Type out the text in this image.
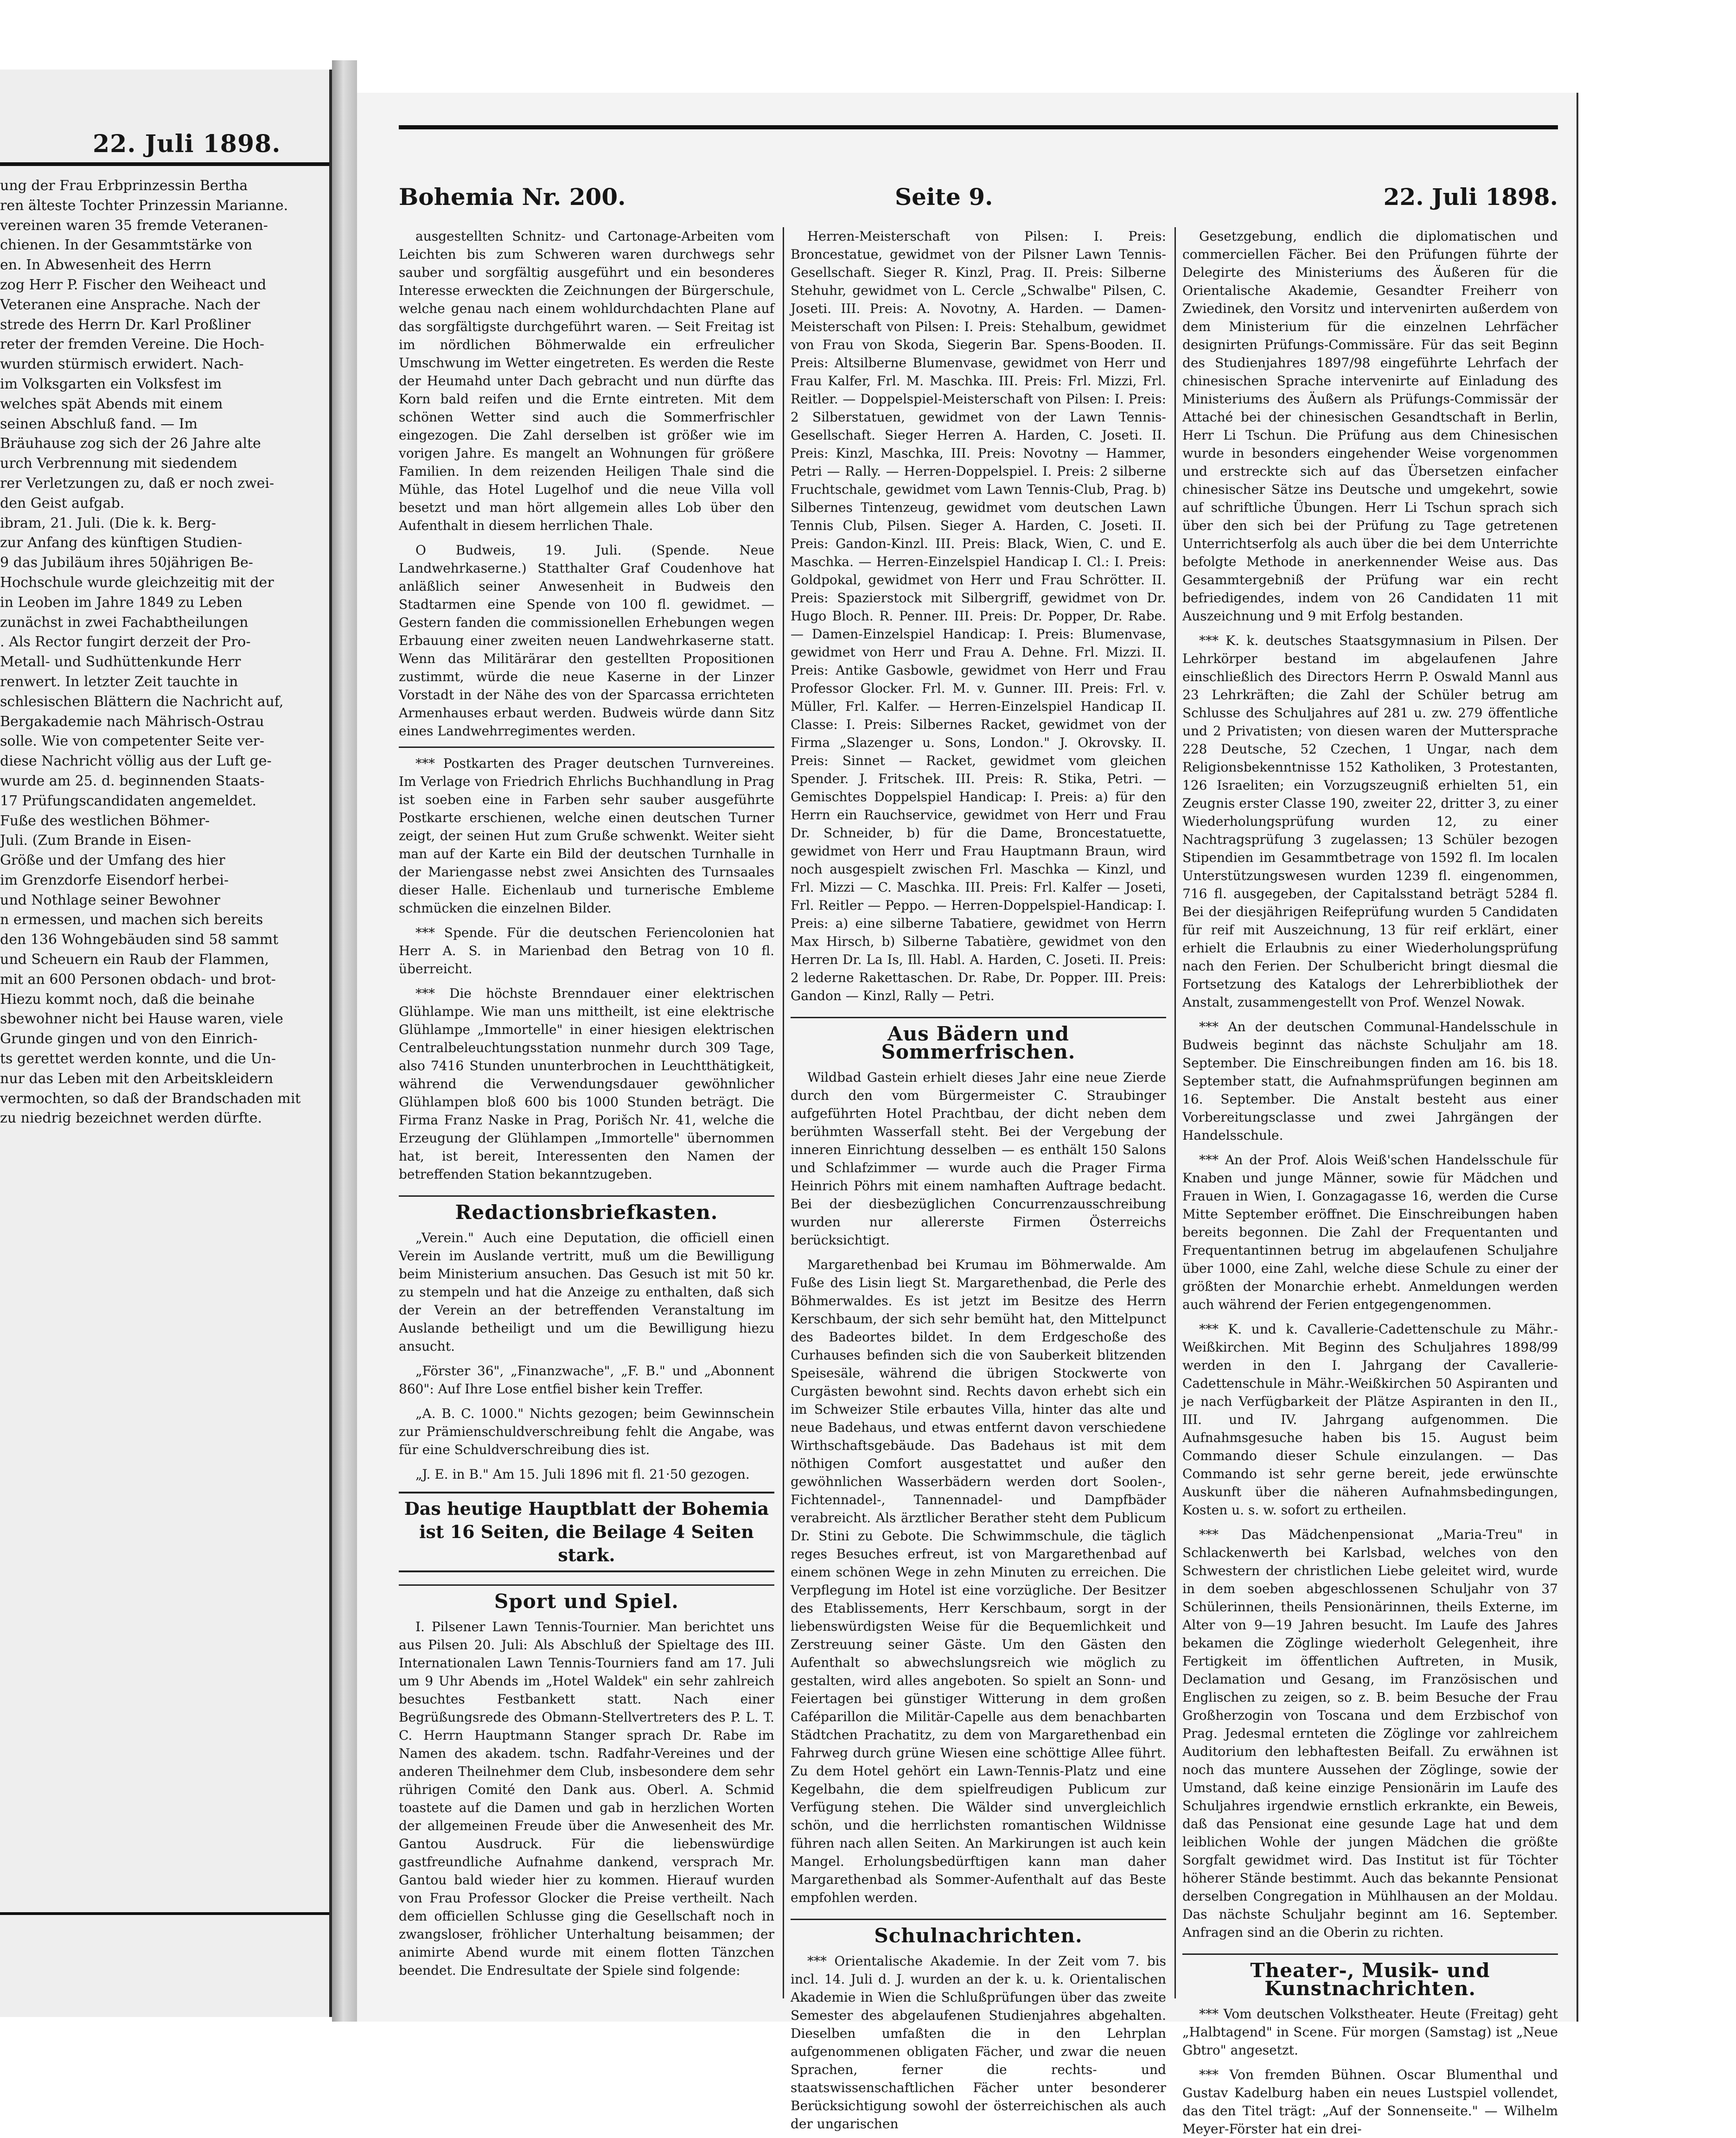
22. Juli 1898.
ung der Frau Erbprinzessin Bertha
ren älteste Tochter Prinzessin Marianne.
vereinen waren 35 fremde Veteranen-
chienen. In der Gesammtstärke von
en. In Abwesenheit des Herrn
zog Herr P. Fischer den Weiheact und
Veteranen eine Ansprache. Nach der
strede des Herrn Dr. Karl Proßliner
reter der fremden Vereine. Die Hoch-
wurden stürmisch erwidert. Nach-
im Volksgarten ein Volksfest im
welches spät Abends mit einem
seinen Abschluß fand. — Im
Bräuhause zog sich der 26 Jahre alte
urch Verbrennung mit siedendem
rer Verletzungen zu, daß er noch zwei-
den Geist aufgab.
ibram, 21. Juli. (Die k. k. Berg-
zur Anfang des künftigen Studien-
9 das Jubiläum ihres 50jährigen Be-
Hochschule wurde gleichzeitig mit der
in Leoben im Jahre 1849 zu Leben
zunächst in zwei Fachabtheilungen
. Als Rector fungirt derzeit der Pro-
Metall- und Sudhüttenkunde Herr
renwert. In letzter Zeit tauchte in
schlesischen Blättern die Nachricht auf,
Bergakademie nach Mährisch-Ostrau
solle. Wie von competenter Seite ver-
diese Nachricht völlig aus der Luft ge-
wurde am 25. d. beginnenden Staats-
17 Prüfungscandidaten angemeldet.
Fuße des westlichen Böhmer-
Juli. (Zum Brande in Eisen-
Größe und der Umfang des hier
im Grenzdorfe Eisendorf herbei-
und Nothlage seiner Bewohner
n ermessen, und machen sich bereits
den 136 Wohngebäuden sind 58 sammt
und Scheuern ein Raub der Flammen,
mit an 600 Personen obdach- und brot-
Hiezu kommt noch, daß die beinahe
sbewohner nicht bei Hause waren, viele
Grunde gingen und von den Einrich-
ts gerettet werden konnte, und die Un-
nur das Leben mit den Arbeitskleidern
vermochten, so daß der Brandschaden mit
zu niedrig bezeichnet werden dürfte.
Bohemia Nr. 200.	Seite 9.	22. Juli 1898.

ausgestellten Schnitz- und Cartonage-Arbeiten vom Leichten bis zum Schweren waren durchwegs sehr sauber und sorgfältig ausgeführt und ein besonderes Interesse erweckten die Zeichnungen der Bürgerschule, welche genau nach einem wohldurchdachten Plane auf das sorgfältigste durchgeführt waren. — Seit Freitag ist im nördlichen Böhmerwalde ein erfreulicher Umschwung im Wetter eingetreten. Es werden die Reste der Heumahd unter Dach gebracht und nun dürfte das Korn bald reifen und die Ernte eintreten. Mit dem schönen Wetter sind auch die Sommerfrischler eingezogen. Die Zahl derselben ist größer wie im vorigen Jahre. Es mangelt an Wohnungen für größere Familien. In dem reizenden Heiligen Thale sind die Mühle, das Hotel Lugelhof und die neue Villa voll besetzt und man hört allgemein alles Lob über den Aufenthalt in diesem herrlichen Thale.

O Budweis, 19. Juli. (Spende. Neue Landwehrkaserne.) Statthalter Graf Coudenhove hat anläßlich seiner Anwesenheit in Budweis den Stadtarmen eine Spende von 100 fl. gewidmet. — Gestern fanden die commissionellen Erhebungen wegen Erbauung einer zweiten neuen Landwehrkaserne statt. Wenn das Militärärar den gestellten Propositionen zustimmt, würde die neue Kaserne in der Linzer Vorstadt in der Nähe des von der Sparcassa errichteten Armenhauses erbaut werden. Budweis würde dann Sitz eines Landwehrregimentes werden.

*** Postkarten des Prager deutschen Turnvereines. Im Verlage von Friedrich Ehrlichs Buchhandlung in Prag ist soeben eine in Farben sehr sauber ausgeführte Postkarte erschienen, welche einen deutschen Turner zeigt, der seinen Hut zum Gruße schwenkt. Weiter sieht man auf der Karte ein Bild der deutschen Turnhalle in der Mariengasse nebst zwei Ansichten des Turnsaales dieser Halle. Eichenlaub und turnerische Embleme schmücken die einzelnen Bilder.

*** Spende. Für die deutschen Feriencolonien hat Herr A. S. in Marienbad den Betrag von 10 fl. überreicht.

*** Die höchste Brenndauer einer elektrischen Glühlampe. Wie man uns mittheilt, ist eine elektrische Glühlampe „Immortelle" in einer hiesigen elektrischen Centralbeleuchtungsstation nunmehr durch 309 Tage, also 7416 Stunden ununterbrochen in Leuchtthätigkeit, während die Verwendungsdauer gewöhnlicher Glühlampen bloß 600 bis 1000 Stunden beträgt. Die Firma Franz Naske in Prag, Porišch Nr. 41, welche die Erzeugung der Glühlampen „Immortelle" übernommen hat, ist bereit, Interessenten den Namen der betreffenden Station bekanntzugeben.

Redactionsbriefkasten.

„Verein." Auch eine Deputation, die officiell einen Verein im Auslande vertritt, muß um die Bewilligung beim Ministerium ansuchen. Das Gesuch ist mit 50 kr. zu stempeln und hat die Anzeige zu enthalten, daß sich der Verein an der betreffenden Veranstaltung im Auslande betheiligt und um die Bewilligung hiezu ansucht.

„Förster 36", „Finanzwache", „F. B." und „Abonnent 860": Auf Ihre Lose entfiel bisher kein Treffer.

„A. B. C. 1000." Nichts gezogen; beim Gewinnschein zur Prämienschuldverschreibung fehlt die Angabe, was für eine Schuldverschreibung dies ist.

„J. E. in B." Am 15. Juli 1896 mit fl. 21·50 gezogen.

Das heutige Hauptblatt der Bohemia ist 16 Seiten, die Beilage 4 Seiten stark.
Sport und Spiel.

I. Pilsener Lawn Tennis-Tournier. Man berichtet uns aus Pilsen 20. Juli: Als Abschluß der Spieltage des III. Internationalen Lawn Tennis-Tourniers fand am 17. Juli um 9 Uhr Abends im „Hotel Waldek" ein sehr zahlreich besuchtes Festbankett statt. Nach einer Begrüßungsrede des Obmann-Stellvertreters des P. L. T. C. Herrn Hauptmann Stanger sprach Dr. Rabe im Namen des akadem. tschn. Radfahr-Vereines und der anderen Theilnehmer dem Club, insbesondere dem sehr rührigen Comité den Dank aus. Oberl. A. Schmid toastete auf die Damen und gab in herzlichen Worten der allgemeinen Freude über die Anwesenheit des Mr. Gantou Ausdruck. Für die liebenswürdige gastfreundliche Aufnahme dankend, versprach Mr. Gantou bald wieder hier zu kommen. Hierauf wurden von Frau Professor Glocker die Preise vertheilt. Nach dem officiellen Schlusse ging die Gesellschaft noch in zwangsloser, fröhlicher Unterhaltung beisammen; der animirte Abend wurde mit einem flotten Tänzchen beendet. Die Endresultate der Spiele sind folgende:

Herren-Meisterschaft von Pilsen: I. Preis: Broncestatue, gewidmet von der Pilsner Lawn Tennis-Gesellschaft. Sieger R. Kinzl, Prag. II. Preis: Silberne Stehuhr, gewidmet von L. Cercle „Schwalbe" Pilsen, C. Joseti. III. Preis: A. Novotny, A. Harden. — Damen-Meisterschaft von Pilsen: I. Preis: Stehalbum, gewidmet von Frau von Skoda, Siegerin Bar. Spens-Booden. II. Preis: Altsilberne Blumenvase, gewidmet von Herr und Frau Kalfer, Frl. M. Maschka. III. Preis: Frl. Mizzi, Frl. Reitler. — Doppelspiel-Meisterschaft von Pilsen: I. Preis: 2 Silberstatuen, gewidmet von der Lawn Tennis-Gesellschaft. Sieger Herren A. Harden, C. Joseti. II. Preis: Kinzl, Maschka, III. Preis: Novotny — Hammer, Petri — Rally. — Herren-Doppelspiel. I. Preis: 2 silberne Fruchtschale, gewidmet vom Lawn Tennis-Club, Prag. b) Silbernes Tintenzeug, gewidmet vom deutschen Lawn Tennis Club, Pilsen. Sieger A. Harden, C. Joseti. II. Preis: Gandon-Kinzl. III. Preis: Black, Wien, C. und E. Maschka. — Herren-Einzelspiel Handicap I. Cl.: I. Preis: Goldpokal, gewidmet von Herr und Frau Schrötter. II. Preis: Spazierstock mit Silbergriff, gewidmet von Dr. Hugo Bloch. R. Penner. III. Preis: Dr. Popper, Dr. Rabe. — Damen-Einzelspiel Handicap: I. Preis: Blumenvase, gewidmet von Herr und Frau A. Dehne. Frl. Mizzi. II. Preis: Antike Gasbowle, gewidmet von Herr und Frau Professor Glocker. Frl. M. v. Gunner. III. Preis: Frl. v. Müller, Frl. Kalfer. — Herren-Einzelspiel Handicap II. Classe: I. Preis: Silbernes Racket, gewidmet von der Firma „Slazenger u. Sons, London." J. Okrovsky. II. Preis: Sinnet — Racket, gewidmet vom gleichen Spender. J. Fritschek. III. Preis: R. Stika, Petri. — Gemischtes Doppelspiel Handicap: I. Preis: a) für den Herrn ein Rauchservice, gewidmet von Herr und Frau Dr. Schneider, b) für die Dame, Broncestatuette, gewidmet von Herr und Frau Hauptmann Braun, wird noch ausgespielt zwischen Frl. Maschka — Kinzl, und Frl. Mizzi — C. Maschka. III. Preis: Frl. Kalfer — Joseti, Frl. Reitler — Peppo. — Herren-Doppelspiel-Handicap: I. Preis: a) eine silberne Tabatiere, gewidmet von Herrn Max Hirsch, b) Silberne Tabatière, gewidmet von den Herren Dr. La Is, Ill. Habl. A. Harden, C. Joseti. II. Preis: 2 lederne Rakettaschen. Dr. Rabe, Dr. Popper. III. Preis: Gandon — Kinzl, Rally — Petri.

Aus Bädern und Sommerfrischen.

Wildbad Gastein erhielt dieses Jahr eine neue Zierde durch den vom Bürgermeister C. Straubinger aufgeführten Hotel Prachtbau, der dicht neben dem berühmten Wasserfall steht. Bei der Vergebung der inneren Einrichtung desselben — es enthält 150 Salons und Schlafzimmer — wurde auch die Prager Firma Heinrich Pöhrs mit einem namhaften Auftrage bedacht. Bei der diesbezüglichen Concurrenzausschreibung wurden nur allererste Firmen Österreichs berücksichtigt.

Margarethenbad bei Krumau im Böhmerwalde. Am Fuße des Lisin liegt St. Margarethenbad, die Perle des Böhmerwaldes. Es ist jetzt im Besitze des Herrn Kerschbaum, der sich sehr bemüht hat, den Mittelpunct des Badeortes bildet. In dem Erdgeschoße des Curhauses befinden sich die von Sauberkeit blitzenden Speisesäle, während die übrigen Stockwerte von Curgästen bewohnt sind. Rechts davon erhebt sich ein im Schweizer Stile erbautes Villa, hinter das alte und neue Badehaus, und etwas entfernt davon verschiedene Wirthschaftsgebäude. Das Badehaus ist mit dem nöthigen Comfort ausgestattet und außer den gewöhnlichen Wasserbädern werden dort Soolen-, Fichtennadel-, Tannennadel- und Dampfbäder verabreicht. Als ärztlicher Berather steht dem Publicum Dr. Stini zu Gebote. Die Schwimmschule, die täglich reges Besuches erfreut, ist von Margarethenbad auf einem schönen Wege in zehn Minuten zu erreichen. Die Verpflegung im Hotel ist eine vorzügliche. Der Besitzer des Etablissements, Herr Kerschbaum, sorgt in der liebenswürdigsten Weise für die Bequemlichkeit und Zerstreuung seiner Gäste. Um den Gästen den Aufenthalt so abwechslungsreich wie möglich zu gestalten, wird alles angeboten. So spielt an Sonn- und Feiertagen bei günstiger Witterung in dem großen Caféparillon die Militär-Capelle aus dem benachbarten Städtchen Prachatitz, zu dem von Margarethenbad ein Fahrweg durch grüne Wiesen eine schöttige Allee führt. Zu dem Hotel gehört ein Lawn-Tennis-Platz und eine Kegelbahn, die dem spielfreudigen Publicum zur Verfügung stehen. Die Wälder sind unvergleichlich schön, und die herrlichsten romantischen Wildnisse führen nach allen Seiten. An Markirungen ist auch kein Mangel. Erholungsbedürftigen kann man daher Margarethenbad als Sommer-Aufenthalt auf das Beste empfohlen werden.

Schulnachrichten.

*** Orientalische Akademie. In der Zeit vom 7. bis incl. 14. Juli d. J. wurden an der k. u. k. Orientalischen Akademie in Wien die Schlußprüfungen über das zweite Semester des abgelaufenen Studienjahres abgehalten. Dieselben umfaßten die in den Lehrplan aufgenommenen obligaten Fächer, und zwar die neuen Sprachen, ferner die rechts- und staatswissenschaftlichen Fächer unter besonderer Berücksichtigung sowohl der österreichischen als auch der ungarischen

Gesetzgebung, endlich die diplomatischen und commerciellen Fächer. Bei den Prüfungen führte der Delegirte des Ministeriums des Äußeren für die Orientalische Akademie, Gesandter Freiherr von Zwiedinek, den Vorsitz und intervenirten außerdem von dem Ministerium für die einzelnen Lehrfächer designirten Prüfungs-Commissäre. Für das seit Beginn des Studienjahres 1897/98 eingeführte Lehrfach der chinesischen Sprache intervenirte auf Einladung des Ministeriums des Äußern als Prüfungs-Commissär der Attaché bei der chinesischen Gesandtschaft in Berlin, Herr Li Tschun. Die Prüfung aus dem Chinesischen wurde in besonders eingehender Weise vorgenommen und erstreckte sich auf das Übersetzen einfacher chinesischer Sätze ins Deutsche und umgekehrt, sowie auf schriftliche Übungen. Herr Li Tschun sprach sich über den sich bei der Prüfung zu Tage getretenen Unterrichtserfolg als auch über die bei dem Unterrichte befolgte Methode in anerkennender Weise aus. Das Gesammtergebniß der Prüfung war ein recht befriedigendes, indem von 26 Candidaten 11 mit Auszeichnung und 9 mit Erfolg bestanden.

*** K. k. deutsches Staatsgymnasium in Pilsen. Der Lehrkörper bestand im abgelaufenen Jahre einschließlich des Directors Herrn P. Oswald Mannl aus 23 Lehrkräften; die Zahl der Schüler betrug am Schlusse des Schuljahres auf 281 u. zw. 279 öffentliche und 2 Privatisten; von diesen waren der Muttersprache 228 Deutsche, 52 Czechen, 1 Ungar, nach dem Religionsbekenntnisse 152 Katholiken, 3 Protestanten, 126 Israeliten; ein Vorzugszeugniß erhielten 51, ein Zeugnis erster Classe 190, zweiter 22, dritter 3, zu einer Wiederholungsprüfung wurden 12, zu einer Nachtragsprüfung 3 zugelassen; 13 Schüler bezogen Stipendien im Gesammtbetrage von 1592 fl. Im localen Unterstützungswesen wurden 1239 fl. eingenommen, 716 fl. ausgegeben, der Capitalsstand beträgt 5284 fl. Bei der diesjährigen Reifeprüfung wurden 5 Candidaten für reif mit Auszeichnung, 13 für reif erklärt, einer erhielt die Erlaubnis zu einer Wiederholungsprüfung nach den Ferien. Der Schulbericht bringt diesmal die Fortsetzung des Katalogs der Lehrerbibliothek der Anstalt, zusammengestellt von Prof. Wenzel Nowak.

*** An der deutschen Communal-Handelsschule in Budweis beginnt das nächste Schuljahr am 18. September. Die Einschreibungen finden am 16. bis 18. September statt, die Aufnahmsprüfungen beginnen am 16. September. Die Anstalt besteht aus einer Vorbereitungsclasse und zwei Jahrgängen der Handelsschule.

*** An der Prof. Alois Weiß'schen Handelsschule für Knaben und junge Männer, sowie für Mädchen und Frauen in Wien, I. Gonzagagasse 16, werden die Curse Mitte September eröffnet. Die Einschreibungen haben bereits begonnen. Die Zahl der Frequentanten und Frequentantinnen betrug im abgelaufenen Schuljahre über 1000, eine Zahl, welche diese Schule zu einer der größten der Monarchie erhebt. Anmeldungen werden auch während der Ferien entgegengenommen.

*** K. und k. Cavallerie-Cadettenschule zu Mähr.-Weißkirchen. Mit Beginn des Schuljahres 1898/99 werden in den I. Jahrgang der Cavallerie-Cadettenschule in Mähr.-Weißkirchen 50 Aspiranten und je nach Verfügbarkeit der Plätze Aspiranten in den II., III. und IV. Jahrgang aufgenommen. Die Aufnahmsgesuche haben bis 15. August beim Commando dieser Schule einzulangen. — Das Commando ist sehr gerne bereit, jede erwünschte Auskunft über die näheren Aufnahmsbedingungen, Kosten u. s. w. sofort zu ertheilen.

*** Das Mädchenpensionat „Maria-Treu" in Schlackenwerth bei Karlsbad, welches von den Schwestern der christlichen Liebe geleitet wird, wurde in dem soeben abgeschlossenen Schuljahr von 37 Schülerinnen, theils Pensionärinnen, theils Externe, im Alter von 9—19 Jahren besucht. Im Laufe des Jahres bekamen die Zöglinge wiederholt Gelegenheit, ihre Fertigkeit im öffentlichen Auftreten, in Musik, Declamation und Gesang, im Französischen und Englischen zu zeigen, so z. B. beim Besuche der Frau Großherzogin von Toscana und dem Erzbischof von Prag. Jedesmal ernteten die Zöglinge vor zahlreichem Auditorium den lebhaftesten Beifall. Zu erwähnen ist noch das muntere Aussehen der Zöglinge, sowie der Umstand, daß keine einzige Pensionärin im Laufe des Schuljahres irgendwie ernstlich erkrankte, ein Beweis, daß das Pensionat eine gesunde Lage hat und dem leiblichen Wohle der jungen Mädchen die größte Sorgfalt gewidmet wird. Das Institut ist für Töchter höherer Stände bestimmt. Auch das bekannte Pensionat derselben Congregation in Mühlhausen an der Moldau. Das nächste Schuljahr beginnt am 16. September. Anfragen sind an die Oberin zu richten.

Theater-, Musik- und Kunstnachrichten.

*** Vom deutschen Volkstheater. Heute (Freitag) geht „Halbtagend" in Scene. Für morgen (Samstag) ist „Neue Gbtro" angesetzt.

*** Von fremden Bühnen. Oscar Blumenthal und Gustav Kadelburg haben ein neues Lustspiel vollendet, das den Titel trägt: „Auf der Sonnenseite." — Wilhelm Meyer-Förster hat ein drei-
